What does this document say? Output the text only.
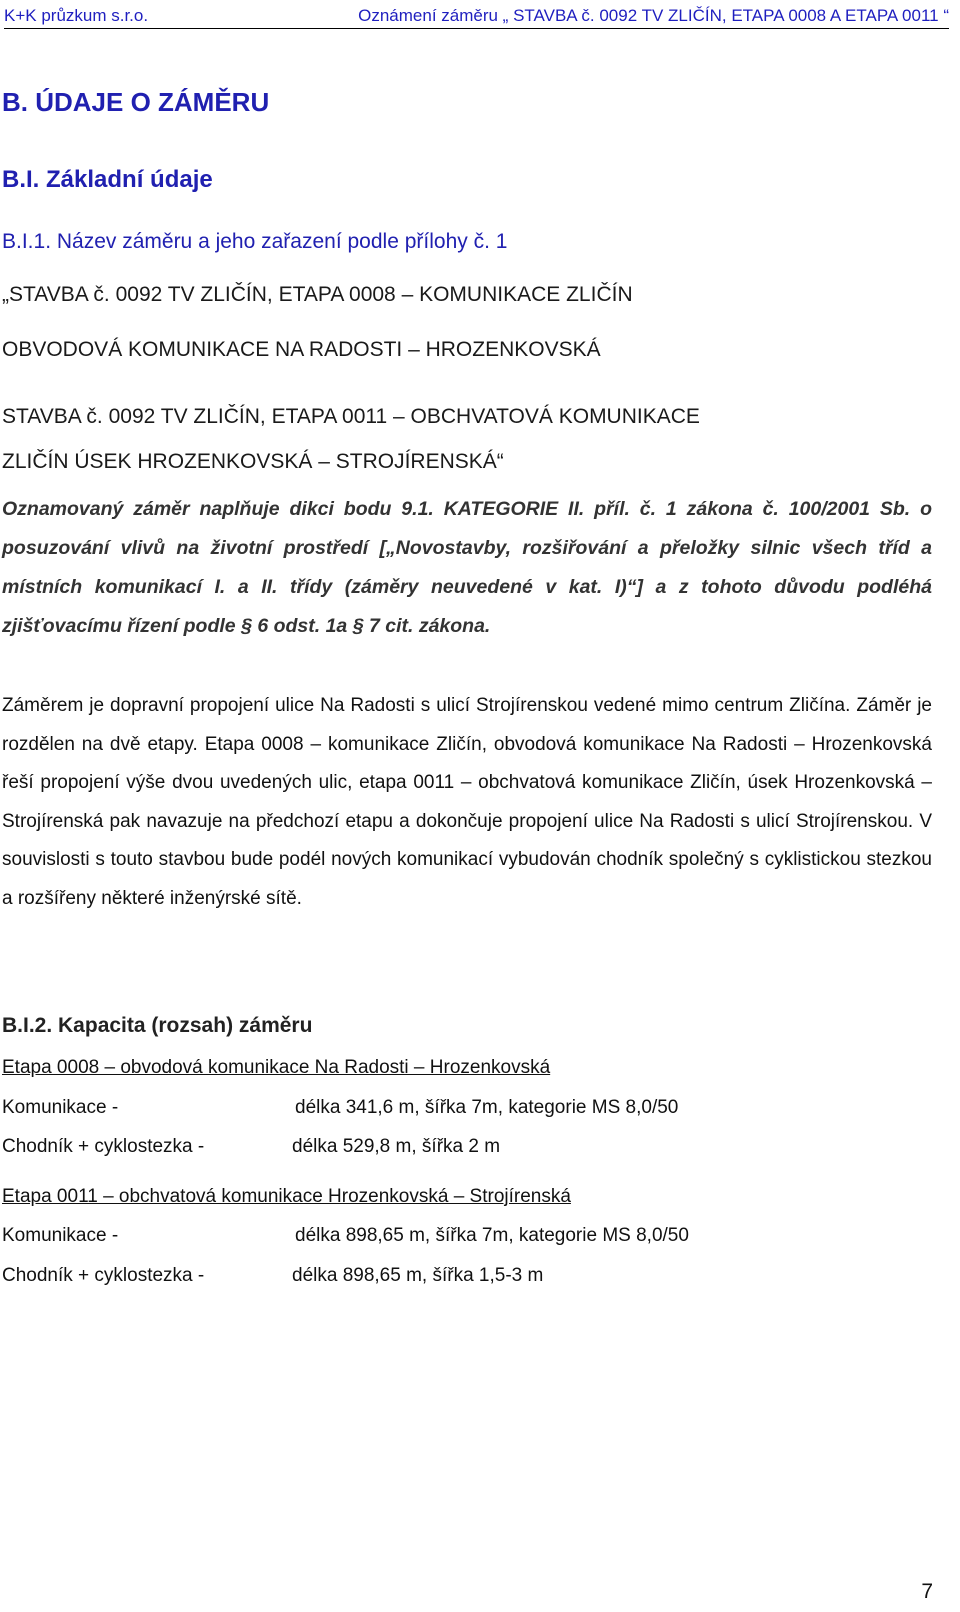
K+K průzkum s.r.o.	Oznámení záměru „ STAVBA č. 0092 TV ZLIČÍN, ETAPA 0008 A ETAPA 0011 “
B. ÚDAJE O ZÁMĚRU
B.I. Základní údaje
B.I.1. Název záměru a jeho zařazení podle přílohy č. 1
„STAVBA č. 0092 TV ZLIČÍN, ETAPA 0008 – KOMUNIKACE ZLIČÍN
OBVODOVÁ KOMUNIKACE NA RADOSTI – HROZENKOVSKÁ
STAVBA č. 0092 TV ZLIČÍN, ETAPA 0011 – OBCHVATOVÁ KOMUNIKACE
ZLIČÍN ÚSEK HROZENKOVSKÁ – STROJÍRENSKÁ“
Oznamovaný záměr naplňuje dikci bodu 9.1. KATEGORIE II. příl. č. 1 zákona č. 100/2001 Sb. o posuzování vlivů na životní prostředí [„Novostavby, rozšiřování a přeložky silnic všech tříd a místních komunikací I. a II. třídy (záměry neuvedené v kat. I)“] a z tohoto důvodu podléhá zjišťovacímu řízení podle § 6 odst. 1a § 7 cit. zákona.
Záměrem je dopravní propojení ulice Na Radosti s ulicí Strojírenskou vedené mimo centrum Zličína. Záměr je rozdělen na dvě etapy. Etapa 0008 – komunikace Zličín, obvodová komunikace Na Radosti – Hrozenkovská řeší propojení výše dvou uvedených ulic, etapa 0011 – obchvatová komunikace Zličín, úsek Hrozenkovská – Strojírenská pak navazuje na předchozí etapu a dokončuje propojení ulice Na Radosti s ulicí Strojírenskou. V souvislosti s touto stavbou bude podél nových komunikací vybudován chodník společný s cyklistickou stezkou a rozšířeny některé inženýrské sítě.
B.I.2. Kapacita (rozsah) záměru
Etapa 0008 – obvodová komunikace Na Radosti – Hrozenkovská
Komunikace -	délka 341,6 m, šířka 7m, kategorie MS 8,0/50
Chodník + cyklostezka -	délka 529,8 m, šířka 2 m
Etapa 0011 – obchvatová komunikace Hrozenkovská – Strojírenská
Komunikace -	délka 898,65 m, šířka 7m, kategorie MS 8,0/50
Chodník + cyklostezka -	délka 898,65 m, šířka 1,5-3 m
7
